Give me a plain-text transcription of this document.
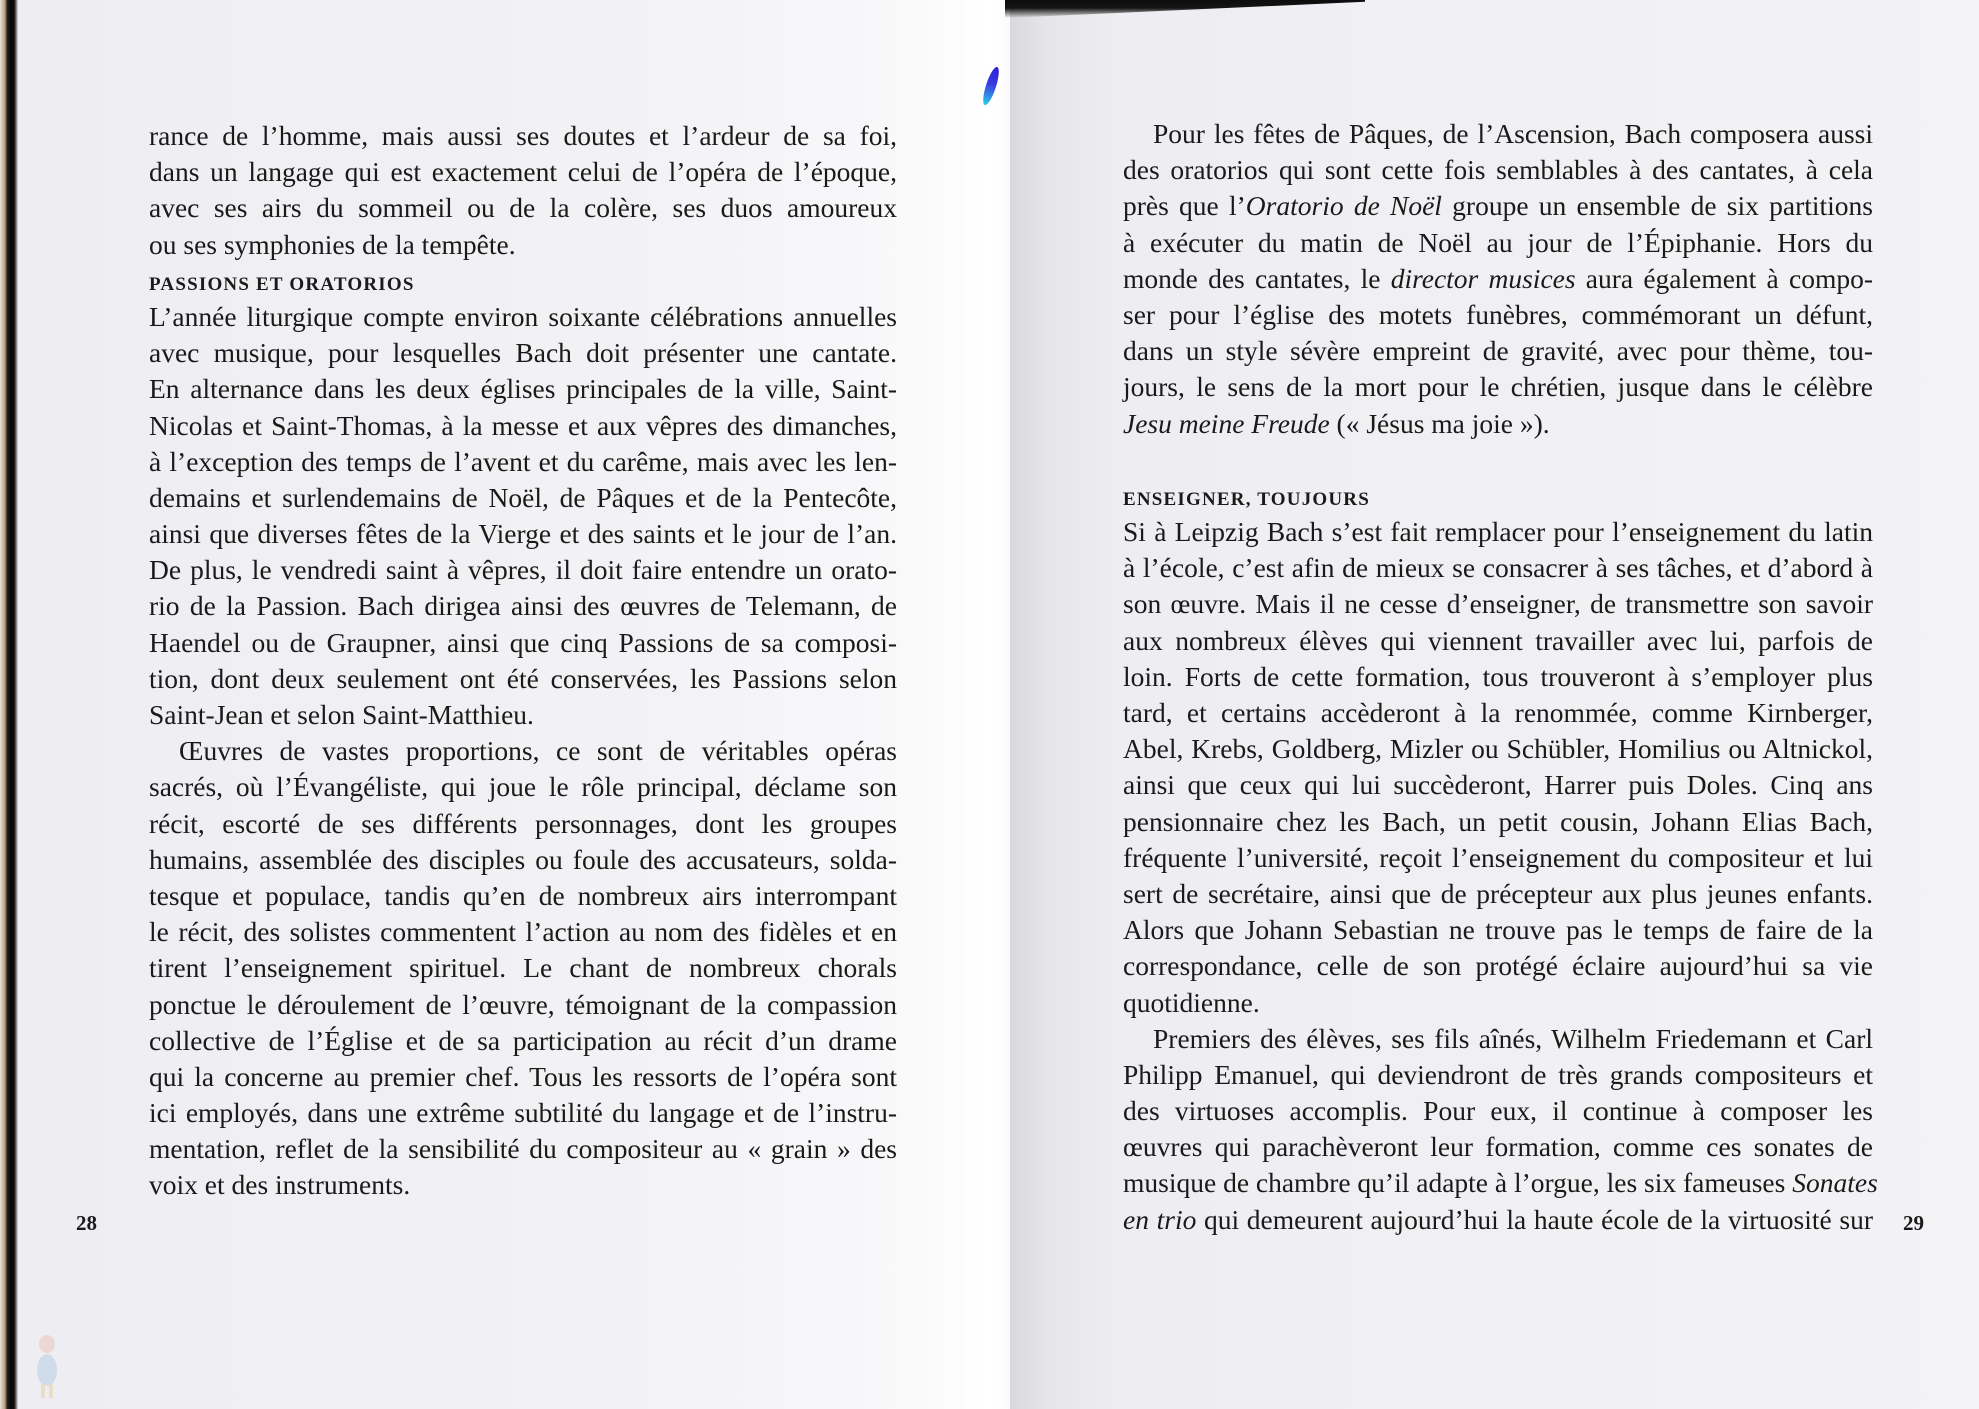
rance de l’homme, mais aussi ses doutes et l’ardeur de sa foi,
dans un langage qui est exactement celui de l’opéra de l’époque,
avec ses airs du sommeil ou de la colère, ses duos amoureux
ou ses symphonies de la tempête.
PASSIONS ET ORATORIOS
L’année liturgique compte environ soixante célébrations annuelles
avec musique, pour lesquelles Bach doit présenter une cantate.
En alternance dans les deux églises principales de la ville, Saint-
Nicolas et Saint-Thomas, à la messe et aux vêpres des dimanches,
à l’exception des temps de l’avent et du carême, mais avec les len-
demains et surlendemains de Noël, de Pâques et de la Pentecôte,
ainsi que diverses fêtes de la Vierge et des saints et le jour de l’an.
De plus, le vendredi saint à vêpres, il doit faire entendre un orato-
rio de la Passion. Bach dirigea ainsi des œuvres de Telemann, de
Haendel ou de Graupner, ainsi que cinq Passions de sa composi-
tion, dont deux seulement ont été conservées, les Passions selon
Saint-Jean et selon Saint-Matthieu.
Œuvres de vastes proportions, ce sont de véritables opéras
sacrés, où l’Évangéliste, qui joue le rôle principal, déclame son
récit, escorté de ses différents personnages, dont les groupes
humains, assemblée des disciples ou foule des accusateurs, solda-
tesque et populace, tandis qu’en de nombreux airs interrompant
le récit, des solistes commentent l’action au nom des fidèles et en
tirent l’enseignement spirituel. Le chant de nombreux chorals
ponctue le déroulement de l’œuvre, témoignant de la compassion
collective de l’Église et de sa participation au récit d’un drame
qui la concerne au premier chef. Tous les ressorts de l’opéra sont
ici employés, dans une extrême subtilité du langage et de l’instru-
mentation, reflet de la sensibilité du compositeur au « grain » des
voix et des instruments.
Pour les fêtes de Pâques, de l’Ascension, Bach composera aussi
des oratorios qui sont cette fois semblables à des cantates, à cela
près que l’Oratorio de Noël groupe un ensemble de six partitions
à exécuter du matin de Noël au jour de l’Épiphanie. Hors du
monde des cantates, le director musices aura également à compo-
ser pour l’église des motets funèbres, commémorant un défunt,
dans un style sévère empreint de gravité, avec pour thème, tou-
jours, le sens de la mort pour le chrétien, jusque dans le célèbre
Jesu meine Freude (« Jésus ma joie »).
ENSEIGNER, TOUJOURS
Si à Leipzig Bach s’est fait remplacer pour l’enseignement du latin
à l’école, c’est afin de mieux se consacrer à ses tâches, et d’abord à
son œuvre. Mais il ne cesse d’enseigner, de transmettre son savoir
aux nombreux élèves qui viennent travailler avec lui, parfois de
loin. Forts de cette formation, tous trouveront à s’employer plus
tard, et certains accèderont à la renommée, comme Kirnberger,
Abel, Krebs, Goldberg, Mizler ou Schübler, Homilius ou Altnickol,
ainsi que ceux qui lui succèderont, Harrer puis Doles. Cinq ans
pensionnaire chez les Bach, un petit cousin, Johann Elias Bach,
fréquente l’université, reçoit l’enseignement du compositeur et lui
sert de secrétaire, ainsi que de précepteur aux plus jeunes enfants.
Alors que Johann Sebastian ne trouve pas le temps de faire de la
correspondance, celle de son protégé éclaire aujourd’hui sa vie
quotidienne.
Premiers des élèves, ses fils aînés, Wilhelm Friedemann et Carl
Philipp Emanuel, qui deviendront de très grands compositeurs et
des virtuoses accomplis. Pour eux, il continue à composer les
œuvres qui parachèveront leur formation, comme ces sonates de
musique de chambre qu’il adapte à l’orgue, les six fameuses Sonates
en trio qui demeurent aujourd’hui la haute école de la virtuosité sur
28	29
